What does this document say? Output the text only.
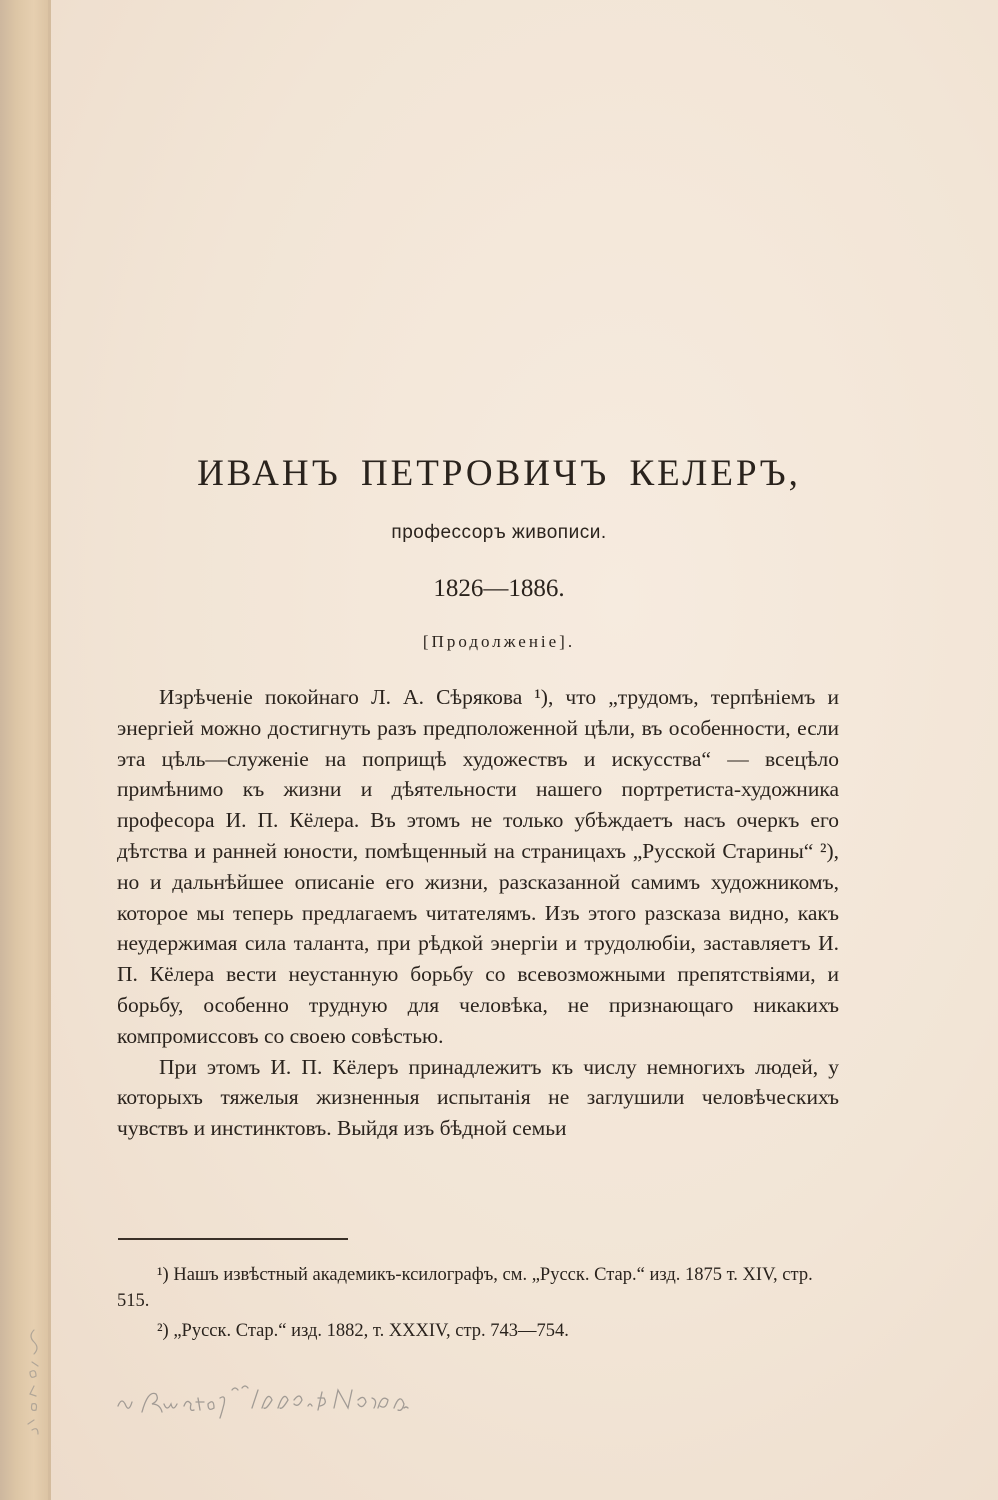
ИВАНЪ ПЕТРОВИЧЪ КЕЛЕРЪ,
профессоръ живописи.
1826—1886.
[Продолженіе].

Изрѣченіе покойнаго Л. А. Сѣрякова ¹), что „трудомъ, терпѣніемъ и энергіей можно достигнуть разъ предположенной цѣли, въ особенности, если эта цѣль—служеніе на поприщѣ художествъ и искусства“ — всецѣло примѣнимо къ жизни и дѣятельности нашего портретиста-художника професора И. П. Кёлера. Въ этомъ не только убѣждаетъ насъ очеркъ его дѣтства и ранней юности, помѣщенный на страницахъ „Русской Старины“ ²), но и дальнѣйшее описаніе его жизни, разсказанной самимъ художникомъ, которое мы теперь предлагаемъ читателямъ. Изъ этого разсказа видно, какъ неудержимая сила таланта, при рѣдкой энергіи и трудолюбіи, заставляетъ И. П. Кёлера вести неустанную борьбу со всевозможными препятствіями, и борьбу, особенно трудную для человѣка, не признающаго никакихъ компромиссовъ со своею совѣстью.

При этомъ И. П. Кёлеръ принадлежитъ къ числу немногихъ людей, у которыхъ тяжелыя жизненныя испытанія не заглушили человѣческихъ чувствъ и инстинктовъ. Выйдя изъ бѣдной семьи

¹) Нашъ извѣстный академикъ-ксилографъ, см. „Русск. Стар.“ изд. 1875 т. XIV, стр. 515.

²) „Русск. Стар.“ изд. 1882, т. XXXIV, стр. 743—754.
